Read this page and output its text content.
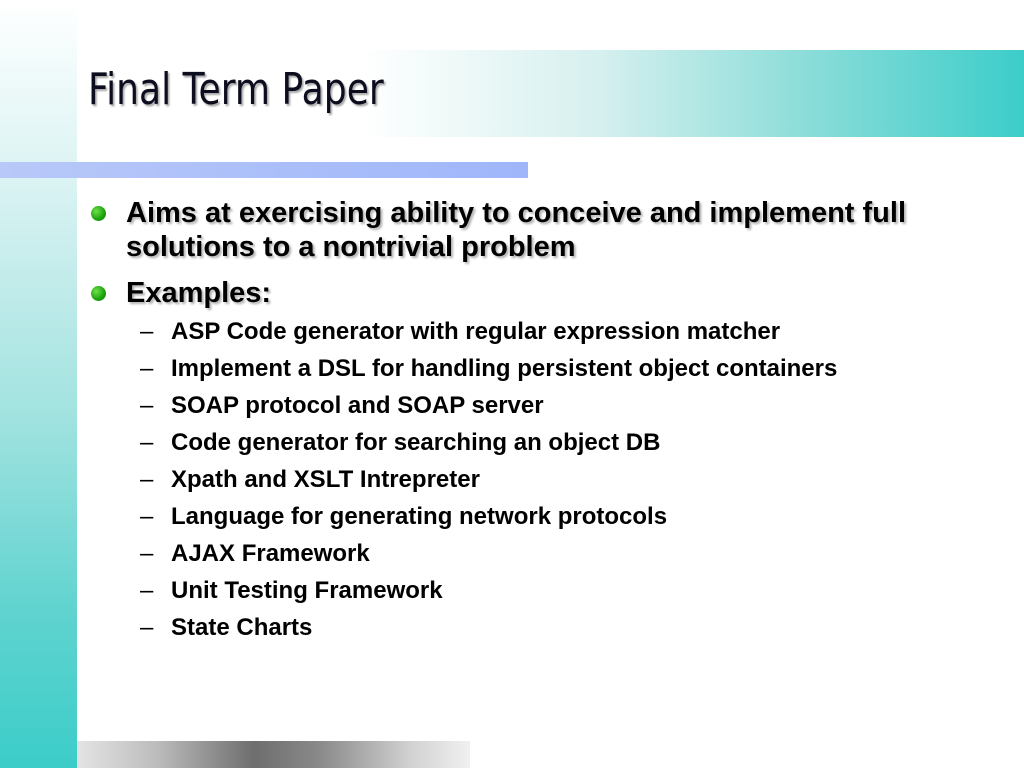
Final Term Paper
Aims at exercising ability to conceive and implement full solutions to a nontrivial problem
Examples:
– ASP Code generator with regular expression matcher
– Implement a DSL for handling persistent object containers
– SOAP protocol and SOAP server
– Code generator for searching an object DB
– Xpath and XSLT Intrepreter
– Language for generating network protocols
– AJAX Framework
– Unit Testing Framework
– State Charts
